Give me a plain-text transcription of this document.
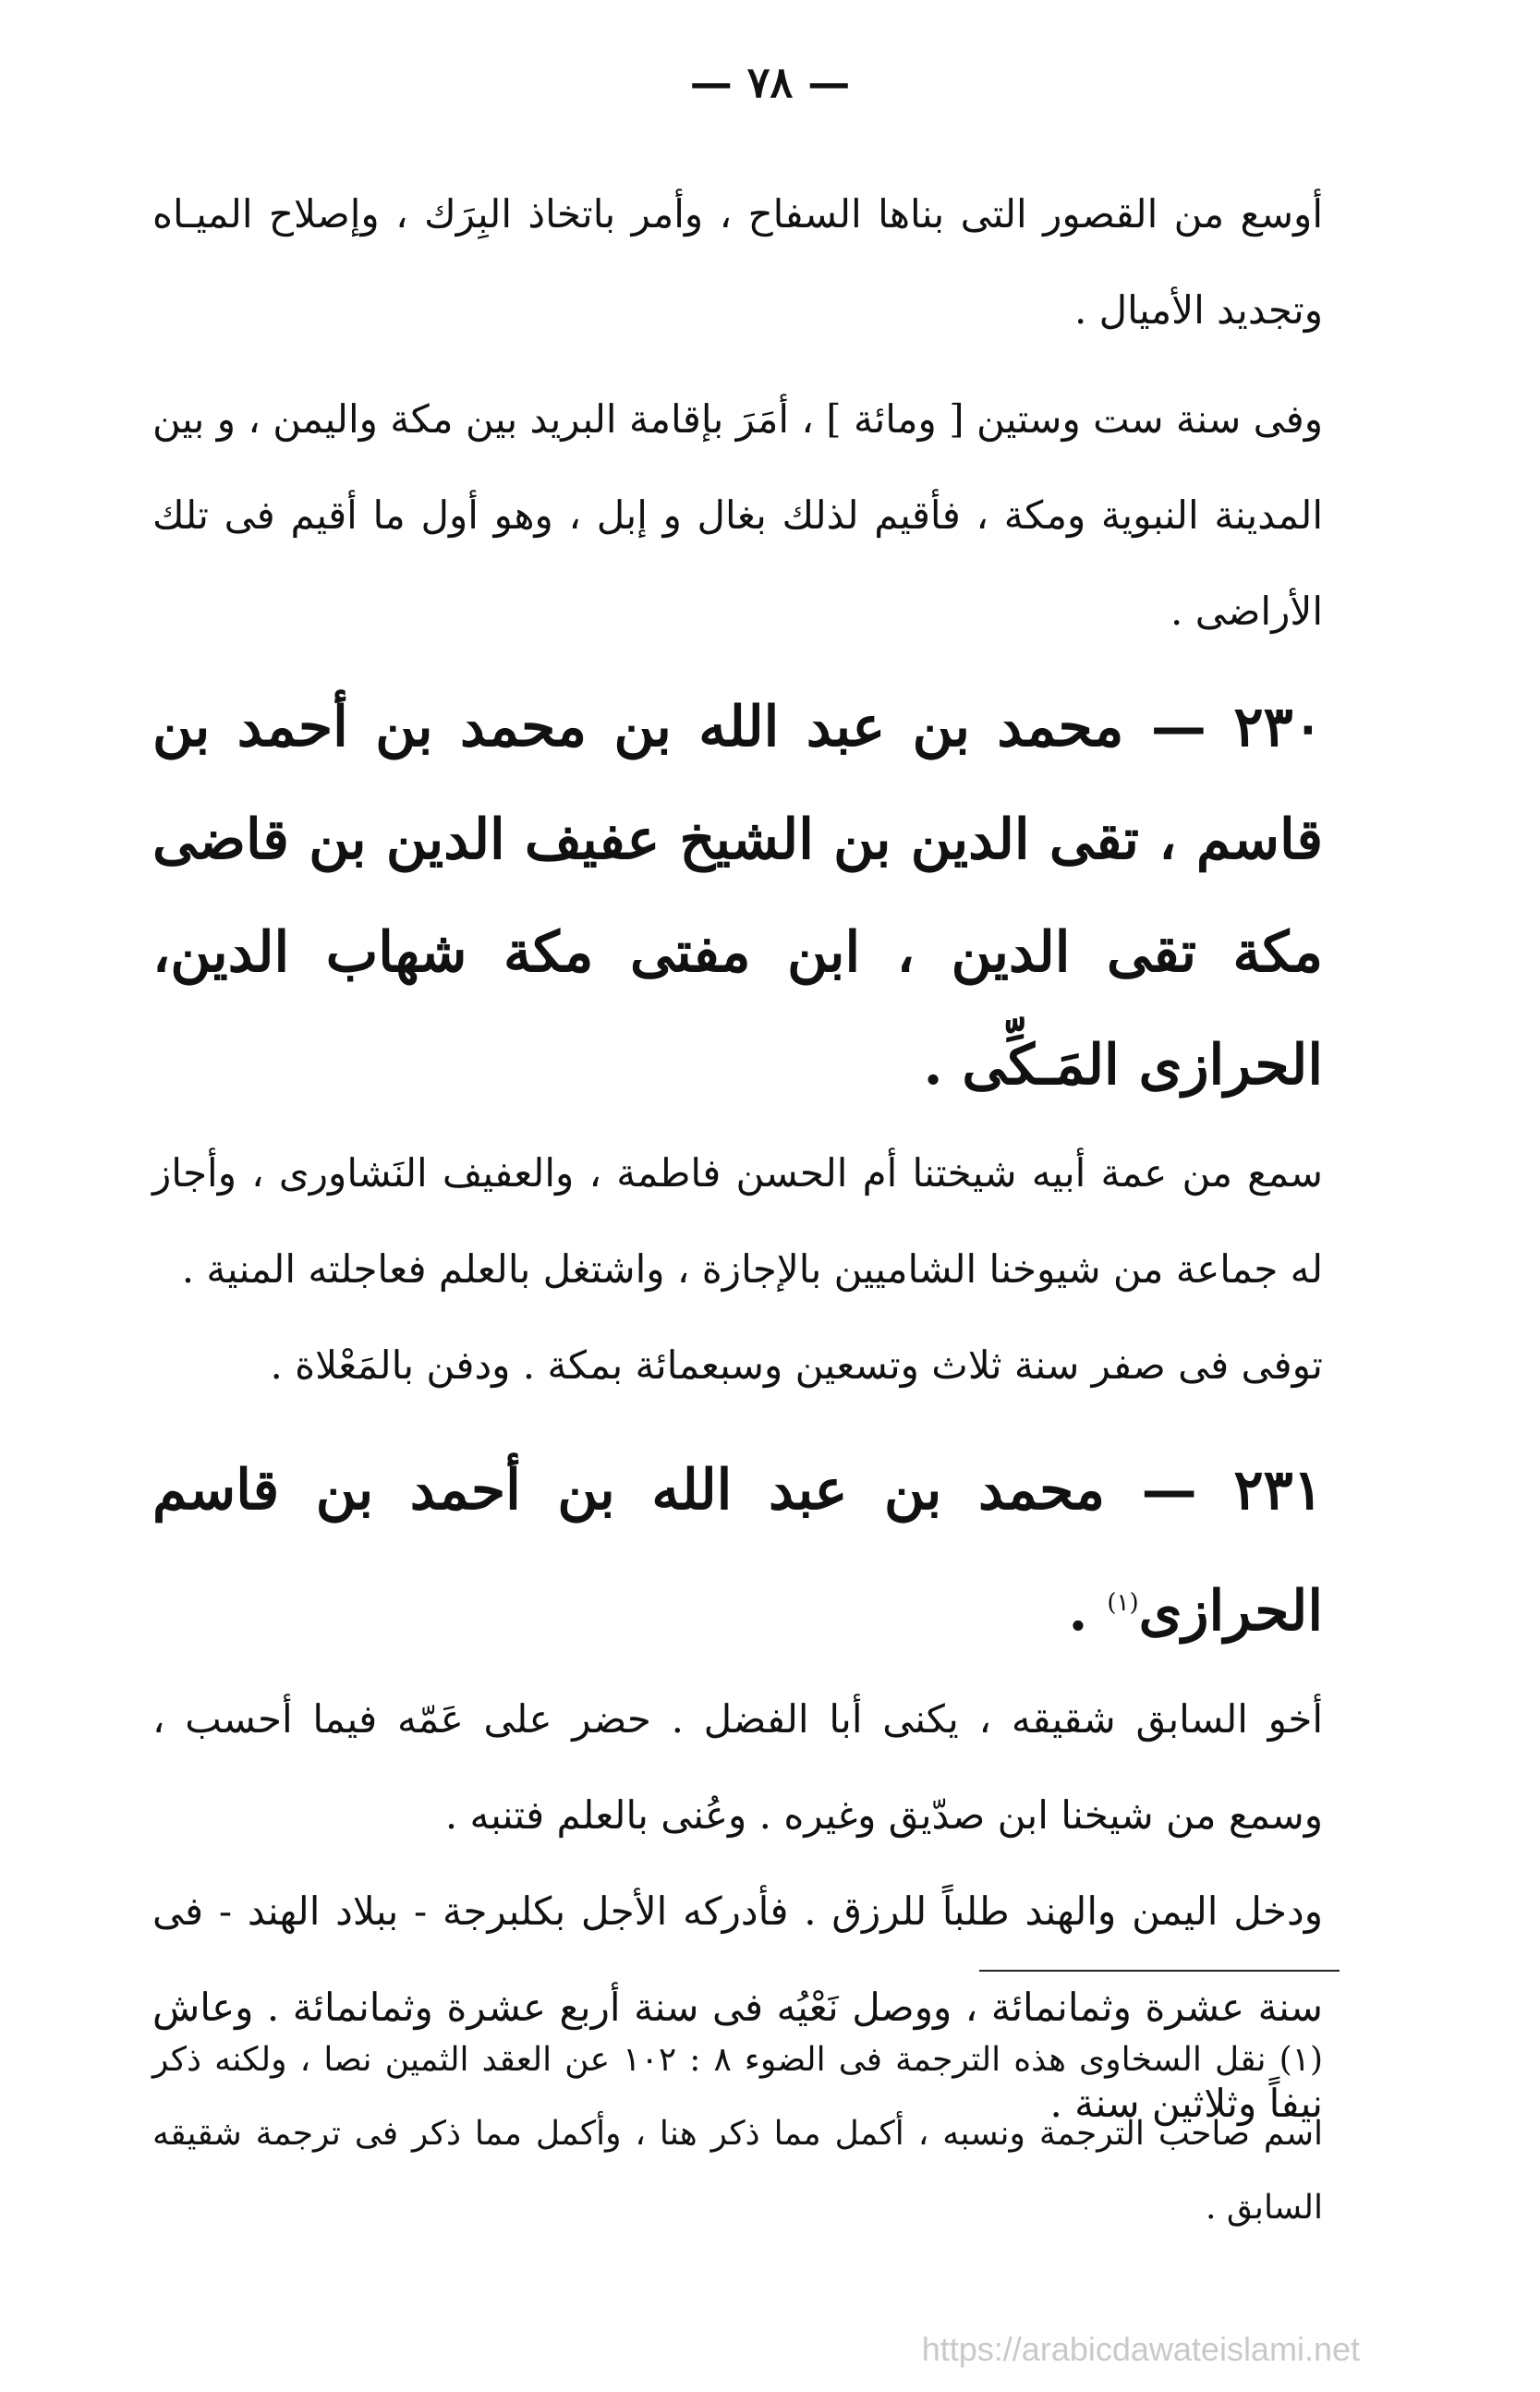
— ٧٨ —

أوسع من القصور التى بناها السفاح ، وأمر باتخاذ البِرَك ، وإصلاح الميـاه وتجديد الأميال .

وفى سنة ست وستين [ ومائة ] ، أمَرَ بإقامة البريد بين مكة واليمن ، و بين المدينة النبوية ومكة ، فأقيم لذلك بغال و إبل ، وهو أول ما أقيم فى تلك الأراضى .

٢٣٠ — محمد بن عبد الله بن محمد بن أحمد بن قاسم ، تقى الدين بن الشيخ عفيف الدين بن قاضى مكة تقى الدين ، ابن مفتى مكة شهاب الدين، الحرازى المَـكِّى .

سمع من عمة أبيه شيختنا أم الحسن فاطمة ، والعفيف النَشاورى ، وأجاز له جماعة من شيوخنا الشاميين بالإجازة ، واشتغل بالعلم فعاجلته المنية .

توفى فى صفر سنة ثلاث وتسعين وسبعمائة بمكة . ودفن بالمَعْلاة .

٢٣١ — محمد بن عبد الله بن أحمد بن قاسم الحرازى$^{(١)}$ .

أخو السابق شقيقه ، يكنى أبا الفضل . حضر على عَمّه فيما أحسب ، وسمع من شيخنا ابن صدّيق وغيره . وعُنى بالعلم فتنبه .

ودخل اليمن والهند طلباً للرزق . فأدركه الأجل بكلبرجة - ببلاد الهند - فى سنة عشرة وثمانمائة ، ووصل نَعْيُه فى سنة أربع عشرة وثمانمائة . وعاش نيفاً وثلاثين سنة .

(١) نقل السخاوى هذه الترجمة فى الضوء ٨ : ١٠٢ عن العقد الثمين نصا ، ولكنه ذكر اسم صاحب الترجمة ونسبه ، أكمل مما ذكر هنا ، وأكمل مما ذكر فى ترجمة شقيقه السابق .

https://arabicdawateislami.net
